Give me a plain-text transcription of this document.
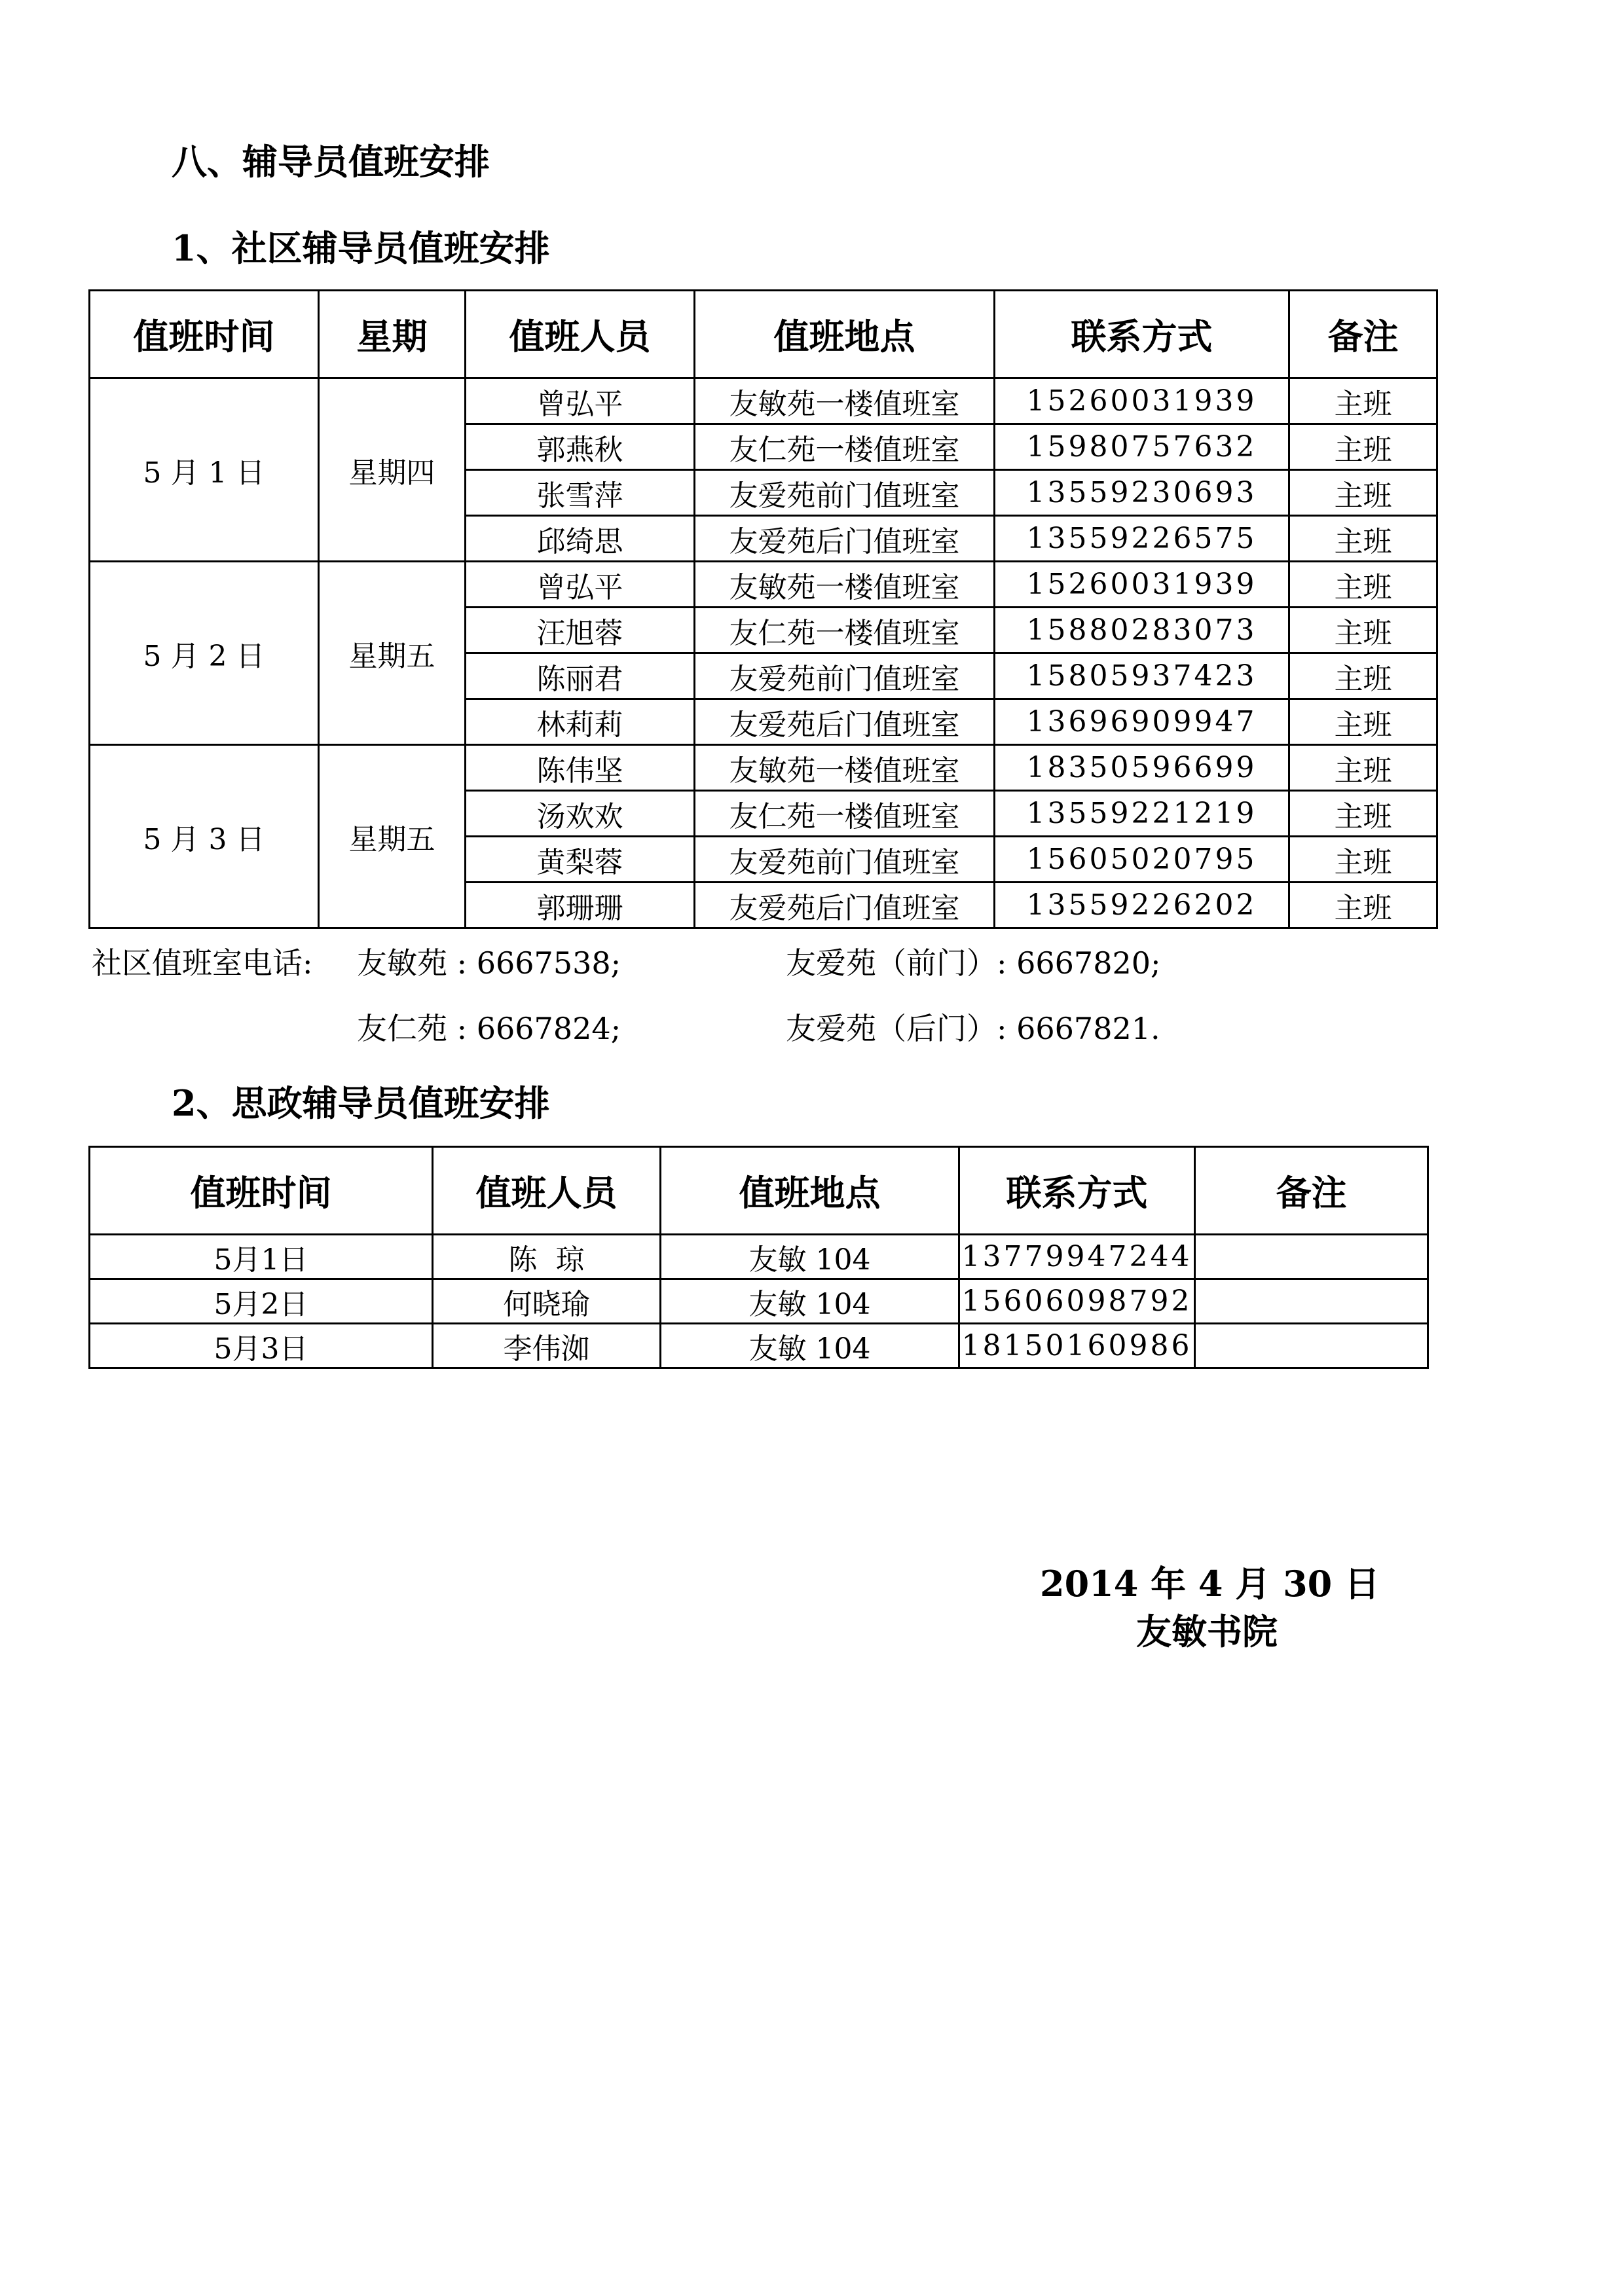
八、辅导员值班安排
1、社区辅导员值班安排
值班时间	星期	值班人员	值班地点	联系方式	备注
5 月 1 日	星期四	曾弘平	友敏苑一楼值班室	15260031939	主班
		郭燕秋	友仁苑一楼值班室	15980757632	主班
		张雪萍	友爱苑前门值班室	13559230693	主班
		邱绮思	友爱苑后门值班室	13559226575	主班
5 月 2 日	星期五	曾弘平	友敏苑一楼值班室	15260031939	主班
		汪旭蓉	友仁苑一楼值班室	15880283073	主班
		陈丽君	友爱苑前门值班室	15805937423	主班
		林莉莉	友爱苑后门值班室	13696909947	主班
5 月 3 日	星期五	陈伟坚	友敏苑一楼值班室	18350596699	主班
		汤欢欢	友仁苑一楼值班室	13559221219	主班
		黄梨蓉	友爱苑前门值班室	15605020795	主班
		郭珊珊	友爱苑后门值班室	13559226202	主班
社区值班室电话: 友敏苑 : 6667538;	友爱苑（前门）: 6667820;
友仁苑 : 6667824;	友爱苑（后门）: 6667821.
2、思政辅导员值班安排
值班时间	值班人员	值班地点	联系方式	备注
5月1日	陈  琼	友敏 104	13779947244	
5月2日	何晓瑜	友敏 104	15606098792	
5月3日	李伟洳	友敏 104	18150160986	
2014 年 4 月 30 日
友敏书院
